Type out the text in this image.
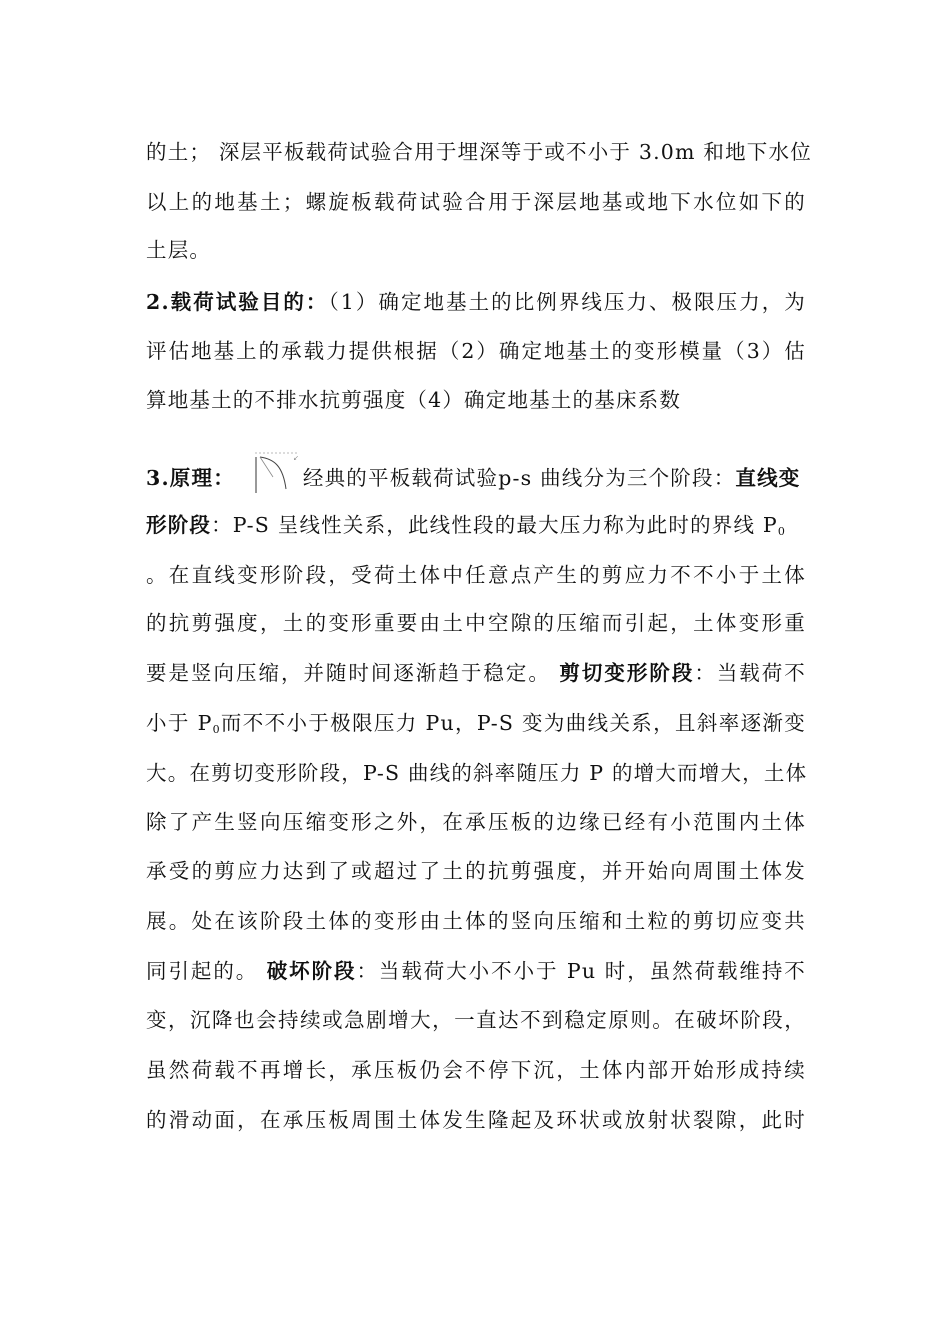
的土； 深层平板载荷试验合用于埋深等于或不小于 3.0m 和地下水位
以上的地基土；螺旋板载荷试验合用于深层地基或地下水位如下的
土层。
2.载荷试验目的：（1）确定地基土的比例界线压力、极限压力，为
评估地基上的承载力提供根据（2）确定地基土的变形模量（3）估
算地基土的不排水抗剪强度（4）确定地基土的基床系数
3.原理：
↙
经典的平板载荷试验p-s 曲线分为三个阶段：直线变
形阶段：P-S 呈线性关系，此线性段的最大压力称为此时的界线 $P_0$
。在直线变形阶段，受荷土体中任意点产生的剪应力不不小于土体
的抗剪强度，土的变形重要由土中空隙的压缩而引起，土体变形重
要是竖向压缩，并随时间逐渐趋于稳定。 剪切变形阶段：当载荷不
小于 $P_0$而不不小于极限压力 Pu，P-S 变为曲线关系，且斜率逐渐变
大。在剪切变形阶段，P-S 曲线的斜率随压力 P 的增大而增大，土体
除了产生竖向压缩变形之外，在承压板的边缘已经有小范围内土体
承受的剪应力达到了或超过了土的抗剪强度，并开始向周围土体发
展。处在该阶段土体的变形由土体的竖向压缩和土粒的剪切应变共
同引起的。 破坏阶段：当载荷大小不小于 Pu 时，虽然荷载维持不
变，沉降也会持续或急剧增大，一直达不到稳定原则。在破坏阶段，
虽然荷载不再增长，承压板仍会不停下沉，土体内部开始形成持续
的滑动面，在承压板周围土体发生隆起及环状或放射状裂隙，此时
